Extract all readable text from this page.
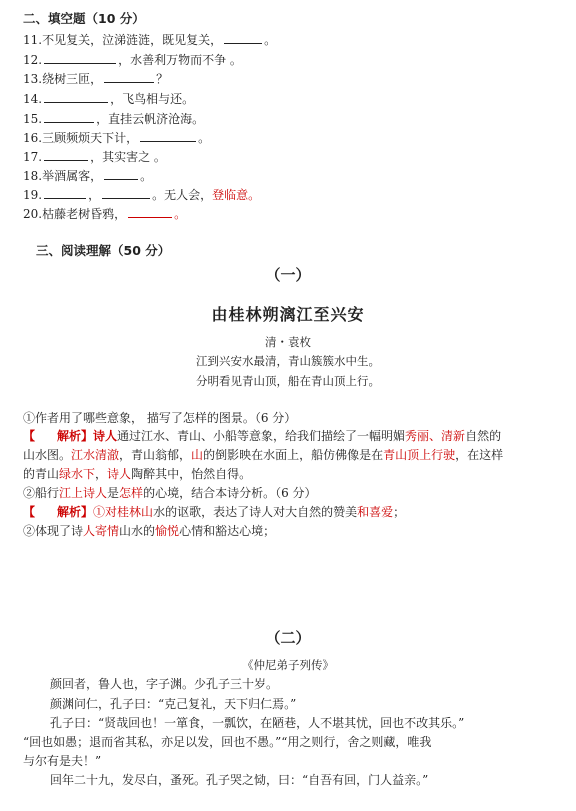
二、填空题（10 分）
11.不见复关，泣涕涟涟，既见复关，	。
12.	，水善利万物而不争 。
13.绕树三匝，	？
14.	，飞鸟相与还。
15.	，直挂云帆济沧海。
16.三顾频烦天下计，	。
17.	，其实害之 。
18.举酒属客，	。
19.	，	。无人会，登临意。
20.枯藤老树昏鸦，	。
三、阅读理解（50 分）
（一）
由桂林朔漓江至兴安
清・袁枚
江到兴安水最清，青山簇簇水中生。
分明看见青山顶，船在青山顶上行。
①作者用了哪些意象， 描写了怎样的图景。（6 分）
【 解析】诗人通过江水、青山、小船等意象，给我们描绘了一幅明媚秀丽、清新自然的
山水图。江水清澈，青山翁郁，山的倒影映在水面上，船仿佛像是在青山顶上行驶，在这样
的青山绿水下，诗人陶醉其中，怡然自得。
②船行江上诗人是怎样的心境，结合本诗分析。（6 分）
【 解析】①对桂林山水的讴歌，表达了诗人对大自然的赞美和喜爱；
②体现了诗人寄情山水的愉悦心情和豁达心境；
（二）
《仲尼弟子列传》
颜回者，鲁人也，字子渊。少孔子三十岁。
颜渊问仁，孔子曰：“克己复礼，天下归仁焉。”
孔子曰：“贤哉回也！一箪食，一瓢饮，在陋巷，人不堪其忧，回也不改其乐。”
“回也如愚；退而省其私，亦足以发，回也不愚。”“用之则行，舍之则藏，唯我
与尔有是夫！”
回年二十九，发尽白，蚤死。孔子哭之恸，曰：“自吾有回，门人益亲。”
